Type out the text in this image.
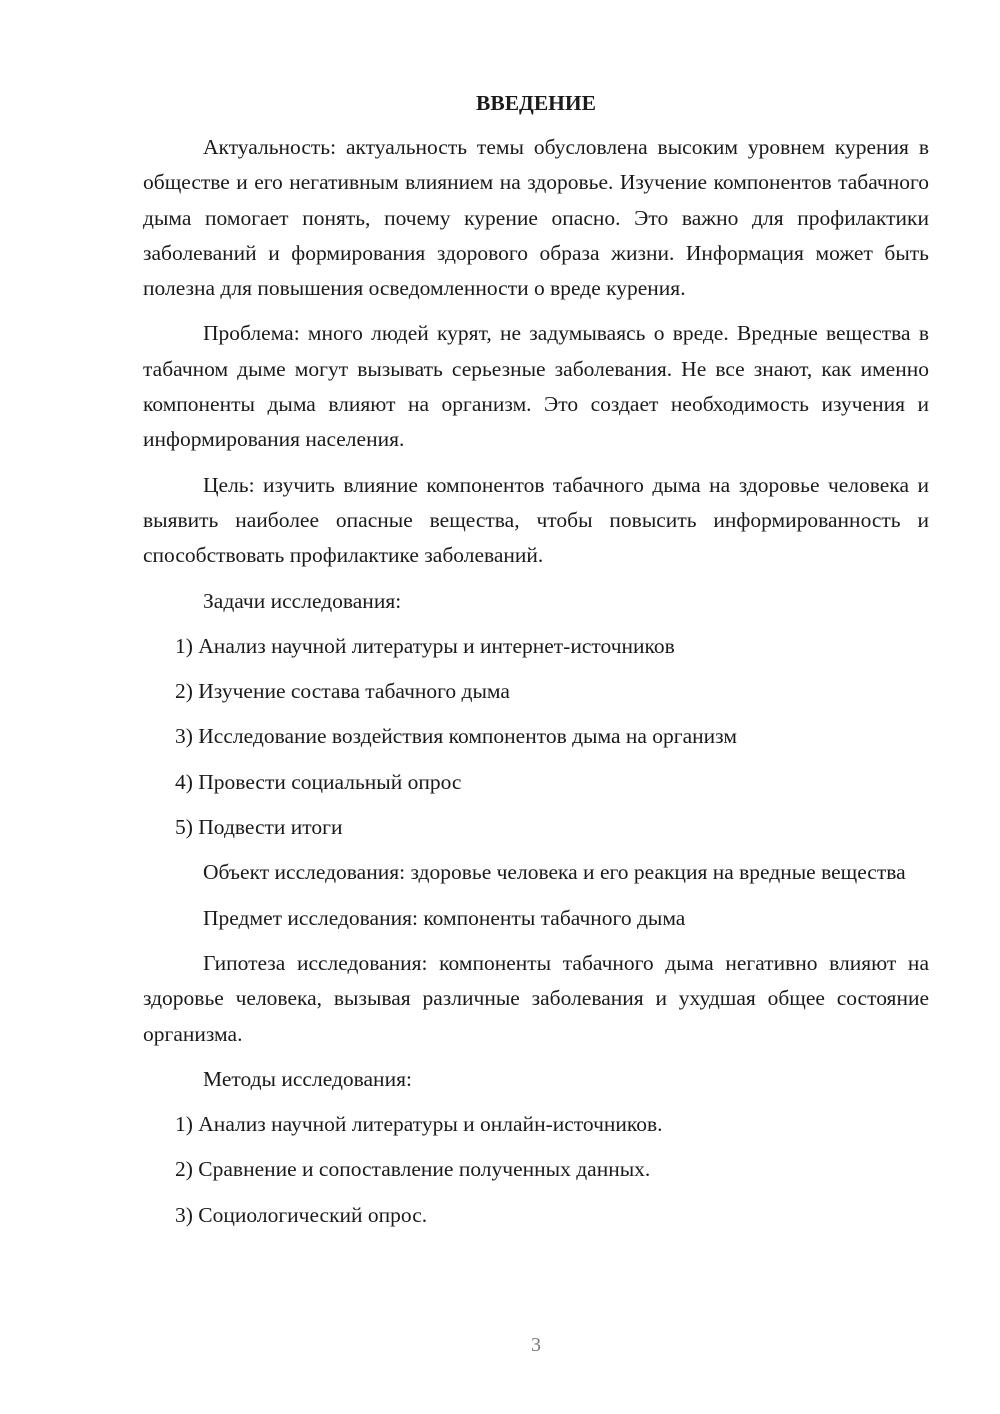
ВВЕДЕНИЕ

Актуальность: актуальность темы обусловлена высоким уровнем курения в обществе и его негативным влиянием на здоровье. Изучение компонентов табачного дыма помогает понять, почему курение опасно. Это важно для профилактики заболеваний и формирования здорового образа жизни. Информация может быть полезна для повышения осведомленности о вреде курения.

Проблема: много людей курят, не задумываясь о вреде. Вредные вещества в табачном дыме могут вызывать серьезные заболевания. Не все знают, как именно компоненты дыма влияют на организм. Это создает необходимость изучения и информирования населения.

Цель: изучить влияние компонентов табачного дыма на здоровье человека и выявить наиболее опасные вещества, чтобы повысить информированность и способствовать профилактике заболеваний.

Задачи исследования:

1) Анализ научной литературы и интернет-источников

2) Изучение состава табачного дыма

3) Исследование воздействия компонентов дыма на организм

4) Провести социальный опрос

5) Подвести итоги

Объект исследования: здоровье человека и его реакция на вредные вещества

Предмет исследования: компоненты табачного дыма

Гипотеза исследования: компоненты табачного дыма негативно влияют на здоровье человека, вызывая различные заболевания и ухудшая общее состояние организма.

Методы исследования:

1) Анализ научной литературы и онлайн-источников.

2) Сравнение и сопоставление полученных данных.

3) Социологический опрос.

3
